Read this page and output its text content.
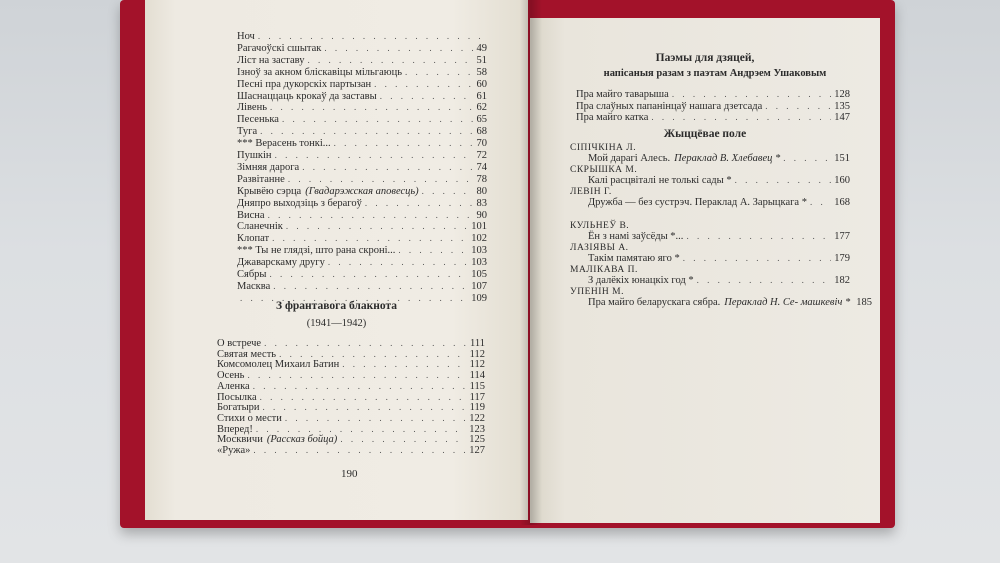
Ноч
. . .
Рагачоўскі сшытак . . .	49
Ліст на заставу . . .	51
Ізноў за акном бліскавіцы мільгаюць . . .	58
Песні пра дукорскіх партызан . . .	60
Шаснаццаць крокаў да заставы . . .	61
Лівень . . .	62
Песенька . . .	65
Туга . . .	68
*** Верасень тонкі... . . .	70
Пушкін . . .	72
Зімняя дарога . . .	74
Развітанне . . .	78
Крывёю сэрца (Гвадарэжская аповесць) . . .	80
Дняпро выходзіць з берагоў . . .	83
Висна . . .	90
Сланечнік . . .	101
Клопат . . .	102
*** Ты не глядзі, што рана скроні... . . .	103
Джаварскаму другу . . .	103
Сябры . . .	105
Масква . . .	107
. . .
109
З франтавога блакнота
(1941—1942)
О встрече . . .	111
Святая месть . . .	112
Комсомолец Михаил Батин . . .	112
Осень . . .	114
Аленка . . .	115
Посылка . . .	117
Богатыри . . .	119
Стихи о мести . . .	122
Вперед! . . .	123
Москвичи (Рассказ бойца) . . .	125
«Ружа» . . .	127
190
Паэмы для дзяцей,
напісаныя разам з паэтам Андрэем Ушаковым
Пра майго таварыша . . .	128
Пра слаўных папанінцаў нашага дзетсада . . .	135
Пра майго катка . . .	147
Жыццёвае поле
СІПІЧКІНА Л.
Мой дарагі Алесь. Пераклад В. Хлебавец * . . .	151
СКРЫШКА М.
Калі расцвіталі не толькі сады * . . .	160
ЛЕВІН Г.
Дружба — без сустрэч. Пераклад А. Зарыцкага * . . .	168
КУЛЬНЕЎ В.
Ён з намі заўсёды *... . . .	177
ЛАЗІЯВЫ А.
Такім памятаю яго * . . .	179
МАЛІКАВА П.
З далёкіх юнацкіх год * . . .	182
УПЕНІН М.
Пра майго беларускага сябра. Пераклад Н. Се- машкевіч * 185
